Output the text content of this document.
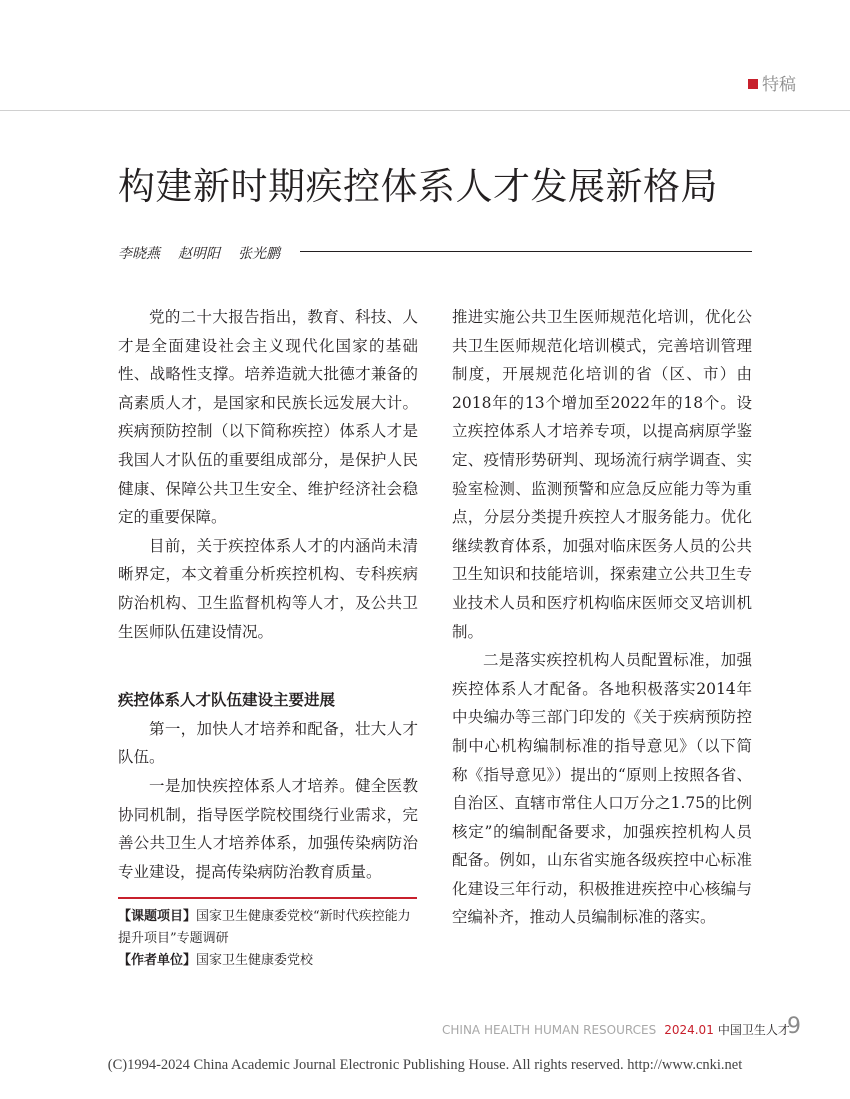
特稿
构建新时期疾控体系人才发展新格局
李晓燕 赵明阳 张光鹏

党的二十大报告指出，教育、科技、人才是全面建设社会主义现代化国家的基础性、战略性支撑。培养造就大批德才兼备的高素质人才，是国家和民族长远发展大计。疾病预防控制（以下简称疾控）体系人才是我国人才队伍的重要组成部分，是保护人民健康、保障公共卫生安全、维护经济社会稳定的重要保障。

目前，关于疾控体系人才的内涵尚未清晰界定，本文着重分析疾控机构、专科疾病防治机构、卫生监督机构等人才，及公共卫生医师队伍建设情况。

疾控体系人才队伍建设主要进展

第一，加快人才培养和配备，壮大人才队伍。

一是加快疾控体系人才培养。健全医教协同机制，指导医学院校围绕行业需求，完善公共卫生人才培养体系，加强传染病防治专业建设，提高传染病防治教育质量。

【课题项目】国家卫生健康委党校“新时代疾控能力提升项目”专题调研
【作者单位】国家卫生健康委党校

推进实施公共卫生医师规范化培训，优化公共卫生医师规范化培训模式，完善培训管理制度，开展规范化培训的省（区、市）由2018年的13个增加至2022年的18个。设立疾控体系人才培养专项，以提高病原学鉴定、疫情形势研判、现场流行病学调查、实验室检测、监测预警和应急反应能力等为重点，分层分类提升疾控人才服务能力。优化继续教育体系，加强对临床医务人员的公共卫生知识和技能培训，探索建立公共卫生专业技术人员和医疗机构临床医师交叉培训机制。

二是落实疾控机构人员配置标准，加强疾控体系人才配备。各地积极落实2014年中央编办等三部门印发的《关于疾病预防控制中心机构编制标准的指导意见》（以下简称《指导意见》）提出的“原则上按照各省、自治区、直辖市常住人口万分之1.75的比例核定”的编制配备要求，加强疾控机构人员配备。例如，山东省实施各级疾控中心标准化建设三年行动，积极推进疾控中心核编与空编补齐，推动人员编制标准的落实。

CHINA HEALTH HUMAN RESOURCES 2024.01 中国卫生人才
9
(C)1994-2024 China Academic Journal Electronic Publishing House. All rights reserved. http://www.cnki.net
